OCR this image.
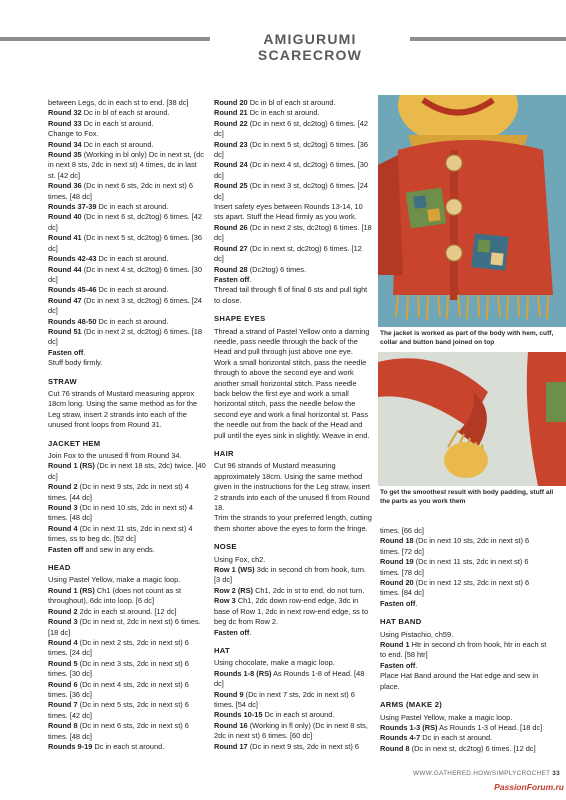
AMIGURUMI SCARECROW
between Legs, dc in each st to end. [38 dc]
Round 32 Dc in bl of each st around.
Round 33 Dc in each st around.
Change to Fox.
Round 34 Dc in each st around.
Round 35 (Working in bl only) Dc in next st, (dc in next 8 sts, 2dc in next st) 4 times, dc in last st. [42 dc]
Round 36 (Dc in next 6 sts, 2dc in next st) 6 times. [48 dc]
Rounds 37-39 Dc in each st around.
Round 40 (Dc in next 6 st, dc2tog) 6 times. [42 dc]
Round 41 (Dc in next 5 st, dc2tog) 6 times. [36 dc]
Rounds 42-43 Dc in each st around.
Round 44 (Dc in next 4 st, dc2tog) 6 times. [30 dc]
Rounds 45-46 Dc in each st around.
Round 47 (Dc in next 3 st, dc2tog) 6 times. [24 dc]
Rounds 48-50 Dc in each st around.
Round 51 (Dc in next 2 st, dc2tog) 6 times. [18 dc]
Fasten off.
Stuff body firmly.
STRAW
Cut 76 strands of Mustard measuring approx 18cm long. Using the same method as for the Leg straw, insert 2 strands into each of the unused front loops from Round 31.
JACKET HEM
Join Fox to the unused fl from Round 34.
Round 1 (RS) (Dc in next 18 sts, 2dc) twice. [40 dc]
Round 2 (Dc in next 9 sts, 2dc in next st) 4 times. [44 dc]
Round 3 (Dc in next 10 sts, 2dc in next st) 4 times. [48 dc]
Round 4 (Dc in next 11 sts, 2dc in next st) 4 times, ss to beg dc. [52 dc]
Fasten off and sew in any ends.
HEAD
Using Pastel Yellow, make a magic loop.
Round 1 (RS) Ch1 (does not count as st throughout), 6dc into loop. [6 dc]
Round 2 2dc in each st around. [12 dc]
Round 3 (Dc in next st, 2dc in next st) 6 times. [18 dc]
Round 4 (Dc in next 2 sts, 2dc in next st) 6 times. [24 dc]
Round 5 (Dc in next 3 sts, 2dc in next st) 6 times. [30 dc]
Round 6 (Dc in next 4 sts, 2dc in next st) 6 times. [36 dc]
Round 7 (Dc in next 5 sts, 2dc in next st) 6 times. [42 dc]
Round 8 (Dc in next 6 sts, 2dc in next st) 6 times. [48 dc]
Rounds 9-19 Dc in each st around.
Round 20 Dc in bl of each st around.
Round 21 Dc in each st around.
Round 22 (Dc in next 6 st, dc2tog) 6 times. [42 dc]
Round 23 (Dc in next 5 st, dc2tog) 6 times. [36 dc]
Round 24 (Dc in next 4 st, dc2tog) 6 times. [30 dc]
Round 25 (Dc in next 3 st, dc2tog) 6 times. [24 dc]
Insert safety eyes between Rounds 13-14, 10 sts apart. Stuff the Head firmly as you work.
Round 26 (Dc in next 2 sts, dc2tog) 6 times. [18 dc]
Round 27 (Dc in next st, dc2tog) 6 times. [12 dc]
Round 28 (Dc2tog) 6 times.
Fasten off.
Thread tail through fl of final 6 sts and pull tight to close.
SHAPE EYES
Thread a strand of Pastel Yellow onto a darning needle, pass needle through the back of the Head and pull through just above one eye. Work a small horizontal stitch, pass the needle through to above the second eye and work another small horizontal stitch. Pass needle back below the first eye and work a small horizontal stitch, pass the needle below the second eye and work a final horizontal st. Pass the needle out from the back of the Head and pull until the eyes sink in slightly. Weave in end.
HAIR
Cut 96 strands of Mustard measuring approximately 18cm. Using the same method given in the instructions for the Leg straw, insert 2 strands into each of the unused fl from Round 18.
Trim the strands to your preferred length, cutting them shorter above the eyes to form the fringe.
NOSE
Using Fox, ch2.
Row 1 (WS) 3dc in second ch from hook, turn. [3 dc]
Row 2 (RS) Ch1, 2dc in st to end, do not turn.
Row 3 Ch1, 2dc down row-end edge, 3dc in base of Row 1, 2dc in next row-end edge, ss to beg dc from Row 2.
Fasten off.
HAT
Using chocolate, make a magic loop.
Rounds 1-8 (RS) As Rounds 1-8 of Head. [48 dc]
Round 9 (Dc in next 7 sts, 2dc in next st) 6 times. [54 dc]
Rounds 10-15 Dc in each st around.
Round 16 (Working in fl only) (Dc in next 8 sts, 2dc in next st) 6 times. [60 dc]
Round 17 (Dc in next 9 sts, 2dc in next st) 6
times. [66 dc]
Round 18 (Dc in next 10 sts, 2dc in next st) 6 times. [72 dc]
Round 19 (Dc in next 11 sts, 2dc in next st) 6 times. [78 dc]
Round 20 (Dc in next 12 sts, 2dc in next st) 6 times. [84 dc]
Fasten off.
HAT BAND
Using Pistachio, ch59.
Round 1 Htr in second ch from hook, htr in each st to end. [58 htr]
Fasten off.
Place Hat Band around the Hat edge and sew in place.
ARMS (MAKE 2)
Using Pastel Yellow, make a magic loop.
Rounds 1-3 (RS) As Rounds 1-3 of Head. [18 dc]
Rounds 4-7 Dc in each st around.
Round 8 (Dc in next st, dc2tog) 6 times. [12 dc]
The jacket is worked as part of the body with hem, cuff, collar and button band joined on top
To get the smoothest result with body padding, stuff all the parts as you work them
WWW.GATHERED.HOW/SIMPLYCROCHET 33
PassionForum.ru
